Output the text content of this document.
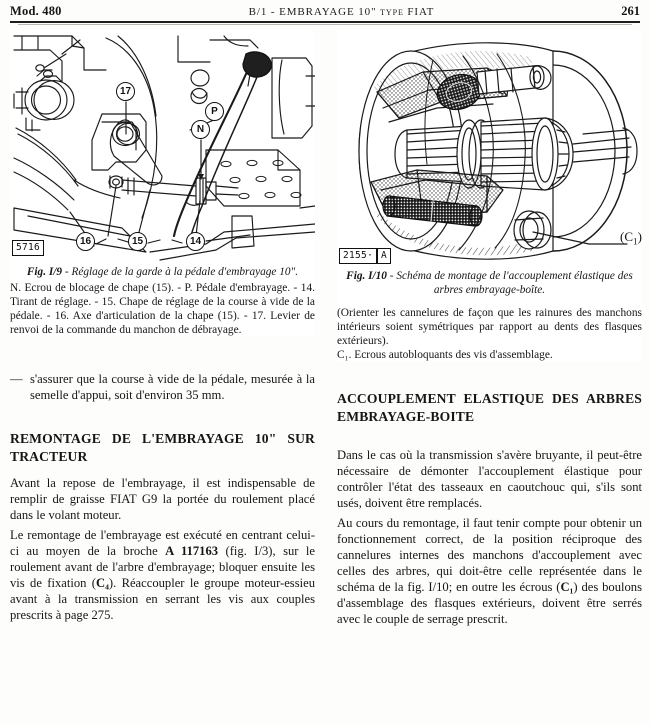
Mod. 480	B/1 - EMBRAYAGE 10" type FIAT	261
17
N
P
16	15	14
5716
Fig. I/9 - Réglage de la garde à la pédale d'embrayage 10".
N. Ecrou de blocage de chape (15). - P. Pédale d'embrayage. - 14. Tirant de réglage. - 15. Chape de réglage de la course à vide de la pédale. - 16. Axe d'articulation de la chape (15). - 17. Levier de renvoi de la commande du manchon de débrayage.
— s'assurer que la course à vide de la pédale, mesurée à la semelle d'appui, soit d'environ 35 mm.
REMONTAGE DE L'EMBRAYAGE 10" SUR TRACTEUR

Avant la repose de l'embrayage, il est indispensable de remplir de graisse FIAT G9 la portée du roulement placé dans le volant moteur.

Le remontage de l'embrayage est exécuté en centrant celui-ci au moyen de la broche A 117163 (fig. I/3), sur le roulement avant de l'arbre d'embrayage; bloquer ensuite les vis de fixation (C₄). Réaccoupler le groupe moteur-essieu avant à la transmission en serrant les vis aux couples prescrits à page 275.

2155· A
$(C_1)$
Fig. I/10 - Schéma de montage de l'accouplement élastique des arbres embrayage-boîte.
(Orienter les cannelures de façon que les rainures des manchons intérieurs soient symétriques par rapport au dents des flasques extérieurs).
C₁. Ecrous autobloquants des vis d'assemblage.
ACCOUPLEMENT ELASTIQUE DES ARBRES EMBRAYAGE-BOITE

Dans le cas où la transmission s'avère bruyante, il peut-être nécessaire de démonter l'accouplement élastique pour contrôler l'état des tasseaux en caoutchouc qui, s'ils sont usés, doivent être remplacés.

Au cours du remontage, il faut tenir compte pour obtenir un fonctionnement correct, de la position réciproque des cannelures internes des manchons d'accouplement avec celles des arbres, qui doit-être celle représentée dans le schéma de la fig. I/10; en outre les écrous (C₁) des boulons d'assemblage des flasques extérieurs, doivent être serrés avec le couple de serrage prescrit.
